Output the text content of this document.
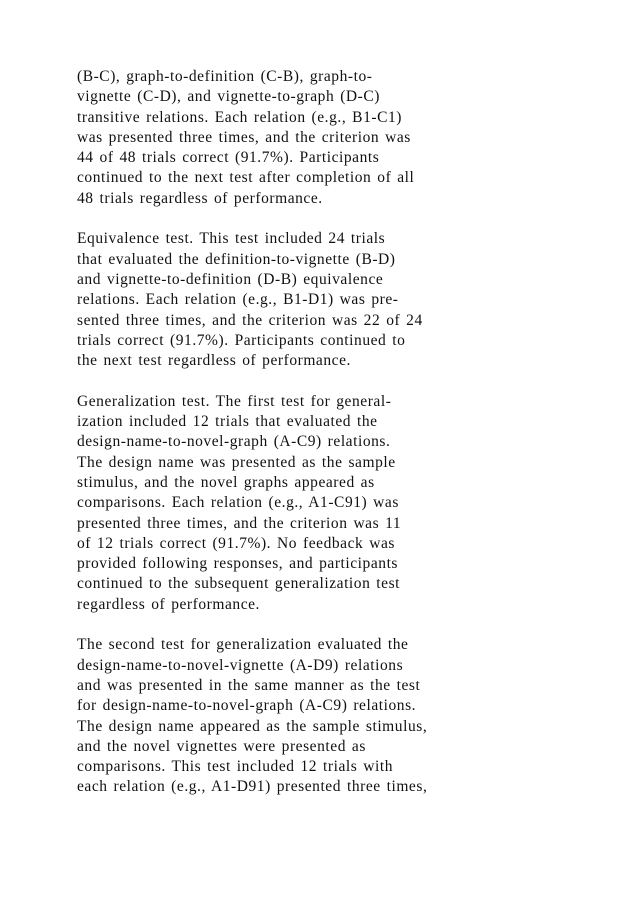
(B-C), graph-to-definition (C-B), graph-to-
vignette (C-D), and vignette-to-graph (D-C)
transitive relations. Each relation (e.g., B1-C1)
was presented three times, and the criterion was
44 of 48 trials correct (91.7%). Participants
continued to the next test after completion of all
48 trials regardless of performance.
Equivalence test. This test included 24 trials
that evaluated the definition-to-vignette (B-D)
and vignette-to-definition (D-B) equivalence
relations. Each relation (e.g., B1-D1) was pre-
sented three times, and the criterion was 22 of 24
trials correct (91.7%). Participants continued to
the next test regardless of performance.
Generalization test. The first test for general-
ization included 12 trials that evaluated the
design-name-to-novel-graph (A-C9) relations.
The design name was presented as the sample
stimulus, and the novel graphs appeared as
comparisons. Each relation (e.g., A1-C91) was
presented three times, and the criterion was 11
of 12 trials correct (91.7%). No feedback was
provided following responses, and participants
continued to the subsequent generalization test
regardless of performance.
The second test for generalization evaluated the
design-name-to-novel-vignette (A-D9) relations
and was presented in the same manner as the test
for design-name-to-novel-graph (A-C9) relations.
The design name appeared as the sample stimulus,
and the novel vignettes were presented as
comparisons. This test included 12 trials with
each relation (e.g., A1-D91) presented three times,
